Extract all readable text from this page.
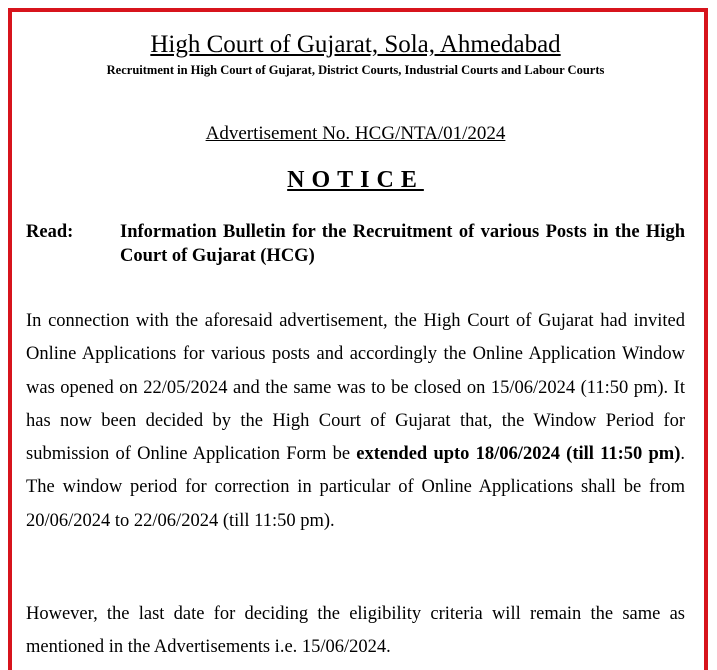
High Court of Gujarat, Sola, Ahmedabad
Recruitment in High Court of Gujarat, District Courts, Industrial Courts and Labour Courts
Advertisement No. HCG/NTA/01/2024
NOTICE
Read:	Information Bulletin for the Recruitment of various Posts in the High Court of Gujarat (HCG)
In connection with the aforesaid advertisement, the High Court of Gujarat had invited Online Applications for various posts and accordingly the Online Application Window was opened on 22/05/2024 and the same was to be closed on 15/06/2024 (11:50 pm). It has now been decided by the High Court of Gujarat that, the Window Period for submission of Online Application Form be extended upto 18/06/2024 (till 11:50 pm). The window period for correction in particular of Online Applications shall be from 20/06/2024 to 22/06/2024 (till 11:50 pm).
However, the last date for deciding the eligibility criteria will remain the same as mentioned in the Advertisements i.e. 15/06/2024.
